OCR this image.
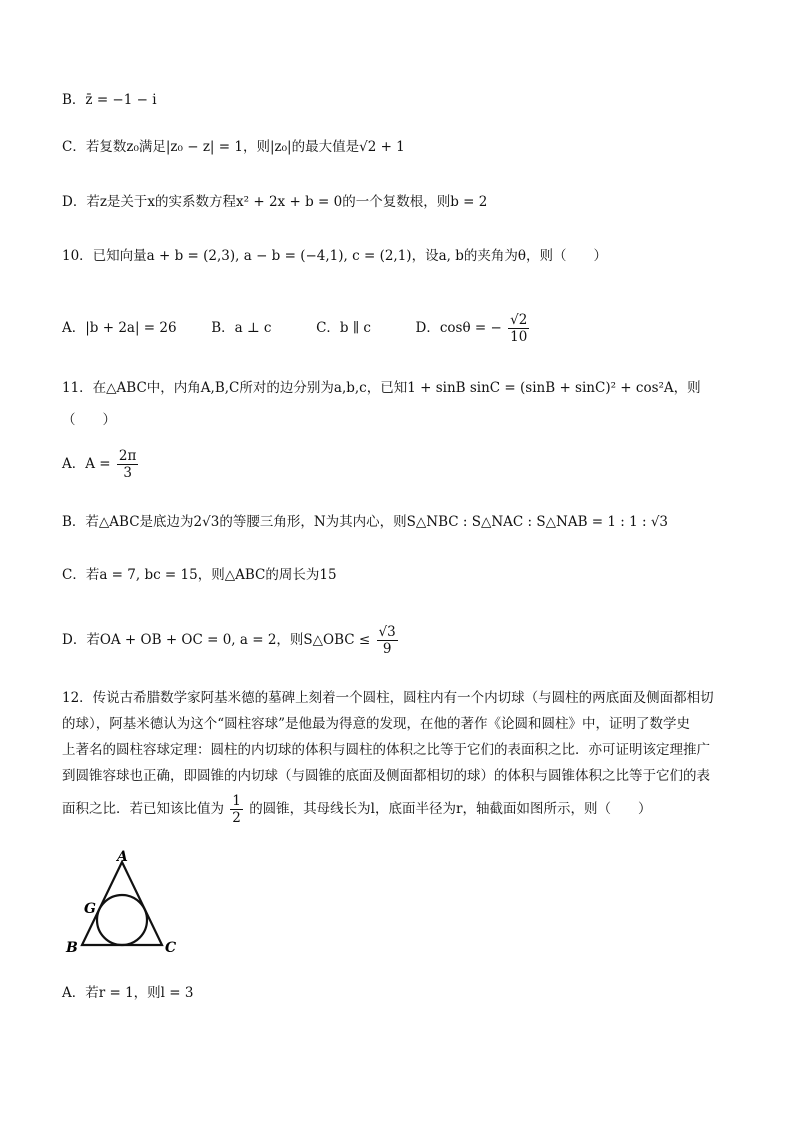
B．z̄ = −1 − i
C．若复数z₀满足|z₀ − z| = 1，则|z₀|的最大值是√2 + 1
D．若z是关于x的实系数方程x² + 2x + b = 0的一个复数根，则b = 2
10．已知向量a + b = (2,3), a − b = (−4,1), c = (2,1)，设a, b的夹角为θ，则（　　）
A．|b + 2a| = 26	B．a ⊥ c	C．b ∥ c	D．cosθ = − $\frac{√2}{10}$
11．在△ABC中，内角A,B,C所对的边分别为a,b,c，已知1 + sinB sinC = (sinB + sinC)² + cos²A，则
（　　）
A．$A = \frac{2\pi}{3}$
B．若△ABC是底边为2√3的等腰三角形，N为其内心，则S△NBC : S△NAC : S△NAB = 1 : 1 : √3
C．若a = 7, bc = 15，则△ABC的周长为15
D．若OA + OB + OC = 0, a = 2，则S△OBC ≤ $\frac{√3}{9}$
12．传说古希腊数学家阿基米德的墓碑上刻着一个圆柱，圆柱内有一个内切球（与圆柱的两底面及侧面都相切
的球），阿基米德认为这个“圆柱容球”是他最为得意的发现，在他的著作《论圆和圆柱》中，证明了数学史
上著名的圆柱容球定理：圆柱的内切球的体积与圆柱的体积之比等于它们的表面积之比．亦可证明该定理推广
到圆锥容球也正确，即圆锥的内切球（与圆锥的底面及侧面都相切的球）的体积与圆锥体积之比等于它们的表
面积之比．若已知该比值为 $\frac{1}{2}$ 的圆锥，其母线长为l，底面半径为r，轴截面如图所示，则（　　）
A
B	C
G
A．若r = 1，则l = 3
